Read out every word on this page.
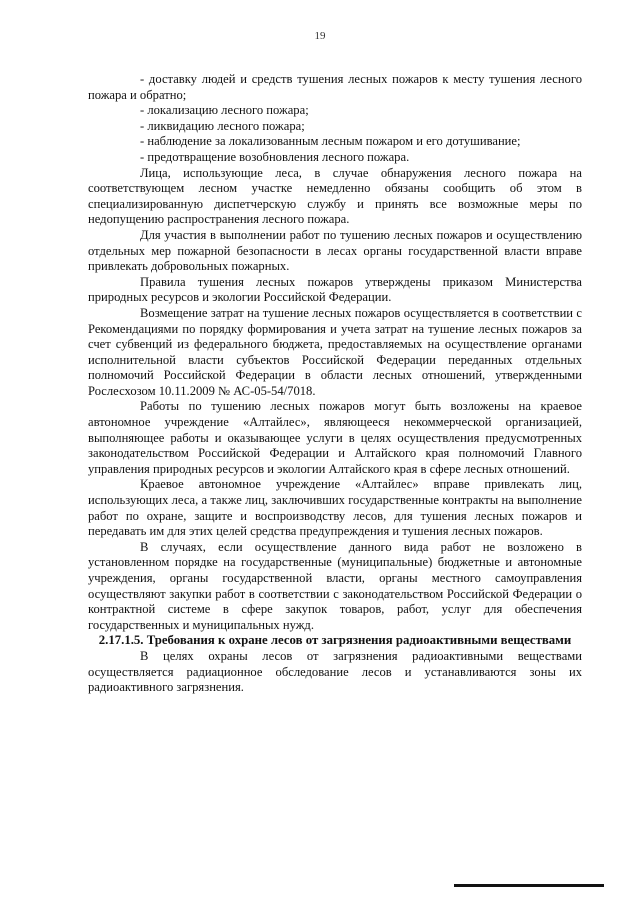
19

- доставку людей и средств тушения лесных пожаров к месту тушения лесного пожара и обратно;

- локализацию лесного пожара;

- ликвидацию лесного пожара;

- наблюдение за локализованным лесным пожаром и его дотушивание;

- предотвращение возобновления лесного пожара.

Лица, использующие леса, в случае обнаружения лесного пожара на соответствующем лесном участке немедленно обязаны сообщить об этом в специализированную диспетчерскую службу и принять все возможные меры по недопущению распространения лесного пожара.

Для участия в выполнении работ по тушению лесных пожаров и осуществлению отдельных мер пожарной безопасности в лесах органы государственной власти вправе привлекать добровольных пожарных.

Правила тушения лесных пожаров утверждены приказом Министерства природных ресурсов и экологии Российской Федерации.

Возмещение затрат на тушение лесных пожаров осуществляется в соответствии с Рекомендациями по порядку формирования и учета затрат на тушение лесных пожаров за счет субвенций из федерального бюджета, предоставляемых на осуществление органами исполнительной власти субъектов Российской Федерации переданных отдельных полномочий Российской Федерации в области лесных отношений, утвержденными Рослесхозом 10.11.2009 № АС-05-54/7018.

Работы по тушению лесных пожаров могут быть возложены на краевое автономное учреждение «Алтайлес», являющееся некоммерческой организацией, выполняющее работы и оказывающее услуги в целях осуществления предусмотренных законодательством Российской Федерации и Алтайского края полномочий Главного управления природных ресурсов и экологии Алтайского края в сфере лесных отношений.

Краевое автономное учреждение «Алтайлес» вправе привлекать лиц, использующих леса, а также лиц, заключивших государственные контракты на выполнение работ по охране, защите и воспроизводству лесов, для тушения лесных пожаров и передавать им для этих целей средства предупреждения и тушения лесных пожаров.

В случаях, если осуществление данного вида работ не возложено в установленном порядке на государственные (муниципальные) бюджетные и автономные учреждения, органы государственной власти, органы местного самоуправления осуществляют закупки работ в соответствии с законодательством Российской Федерации о контрактной системе в сфере закупок товаров, работ, услуг для обеспечения государственных и муниципальных нужд.

2.17.1.5. Требования к охране лесов от загрязнения радиоактивными веществами

В целях охраны лесов от загрязнения радиоактивными веществами осуществляется радиационное обследование лесов и устанавливаются зоны их радиоактивного загрязнения.
